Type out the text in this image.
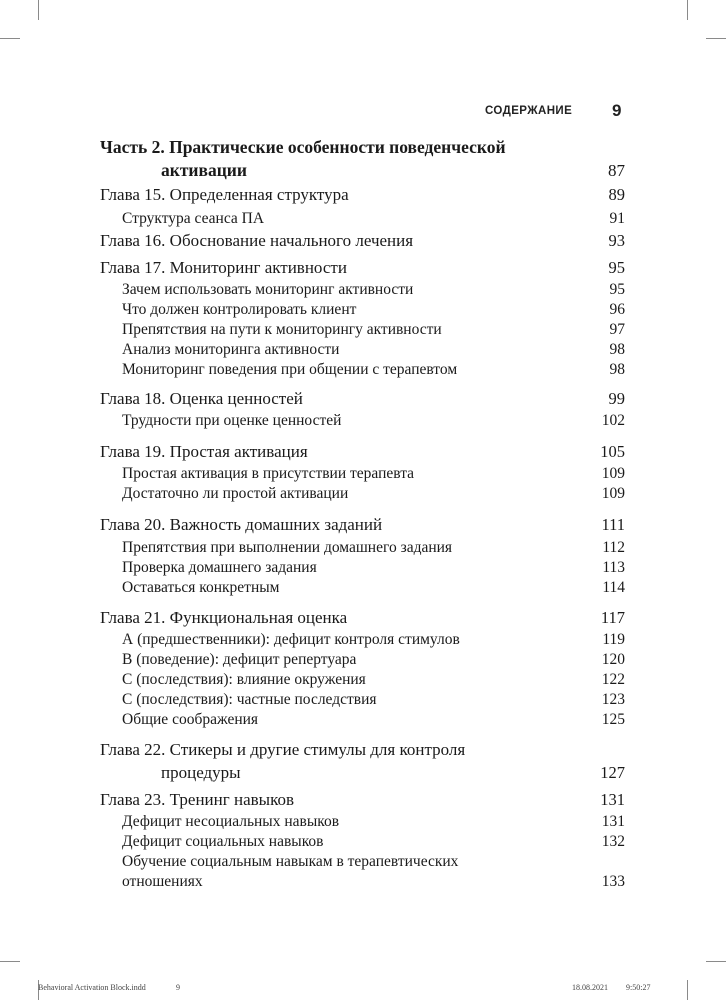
СОДЕРЖАНИЕ 9
Часть 2. Практические особенности поведенческой
активации	87
Глава 15. Определенная структура	89
Структура сеанса ПА	91
Глава 16. Обоснование начального лечения	93
Глава 17. Мониторинг активности	95
Зачем использовать мониторинг активности	95
Что должен контролировать клиент	96
Препятствия на пути к мониторингу активности	97
Анализ мониторинга активности	98
Мониторинг поведения при общении с терапевтом	98
Глава 18. Оценка ценностей	99
Трудности при оценке ценностей	102
Глава 19. Простая активация	105
Простая активация в присутствии терапевта	109
Достаточно ли простой активации	109
Глава 20. Важность домашних заданий	111
Препятствия при выполнении домашнего задания	112
Проверка домашнего задания	113
Оставаться конкретным	114
Глава 21. Функциональная оценка	117
А (предшественники): дефицит контроля стимулов	119
В (поведение): дефицит репертуара	120
С (последствия): влияние окружения	122
С (последствия): частные последствия	123
Общие соображения	125
Глава 22. Стикеры и другие стимулы для контроля
процедуры	127
Глава 23. Тренинг навыков	131
Дефицит несоциальных навыков	131
Дефицит социальных навыков	132
Обучение социальным навыкам в терапевтических
отношениях	133
Behavioral Activation Block.indd	9	18.08.2021 9:50:27
